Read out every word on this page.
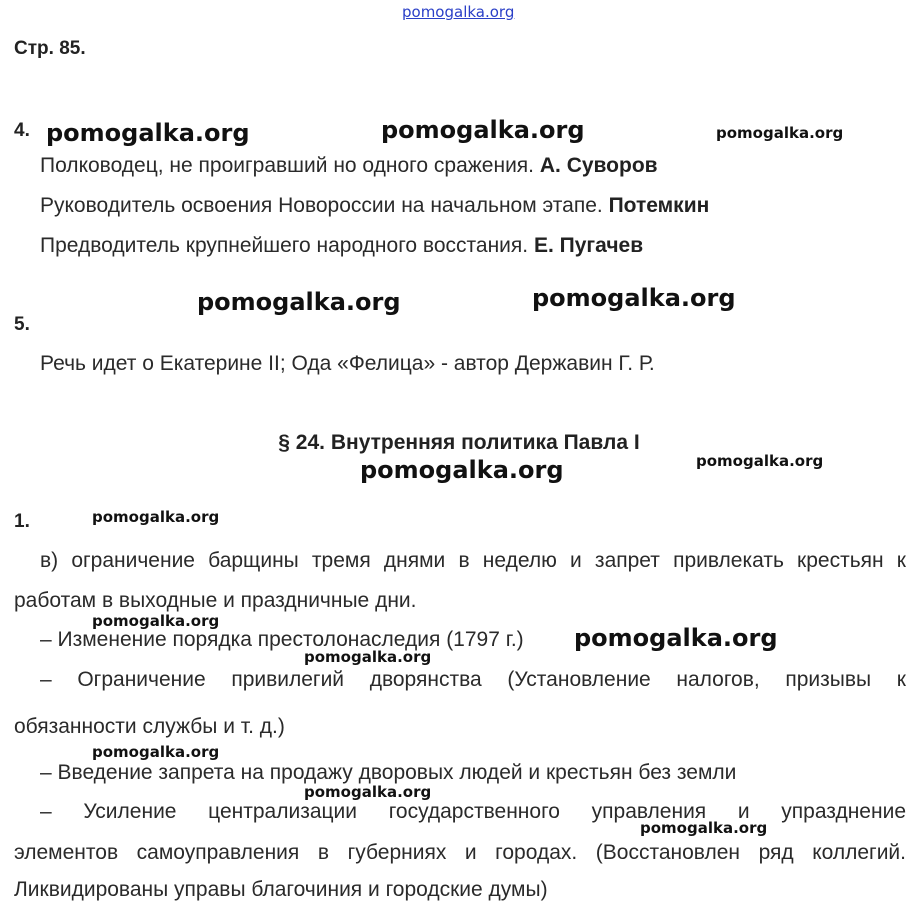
pomogalka.org
Стр. 85.
4. pomogalka.org	pomogalka.org	pomogalka.org
Полководец, не проигравший но одного сражения. А. Суворов
Руководитель освоения Новороссии на начальном этапе. Потемкин
Предводитель крупнейшего народного восстания. Е. Пугачев
pomogalka.org	pomogalka.org
5.
Речь идет о Екатерине II; Ода «Фелица» - автор Державин Г. Р.
§ 24. Внутренняя политика Павла I
pomogalka.org	pomogalka.org
1.	pomogalka.org
в) ограничение барщины тремя днями в неделю и запрет привлекать крестьян к
работам в выходные и праздничные дни.
pomogalka.org
– Изменение порядка престолонаследия (1797 г.) pomogalka.org
pomogalka.org
– Ограничение привилегий дворянства (Установление налогов, призывы к
обязанности службы и т. д.)
pomogalka.org
– Введение запрета на продажу дворовых людей и крестьян без земли
pomogalka.org
– Усиление централизации государственного управления и упразднение
pomogalka.org
элементов самоуправления в губерниях и городах. (Восстановлен ряд коллегий.
Ликвидированы управы благочиния и городские думы)
